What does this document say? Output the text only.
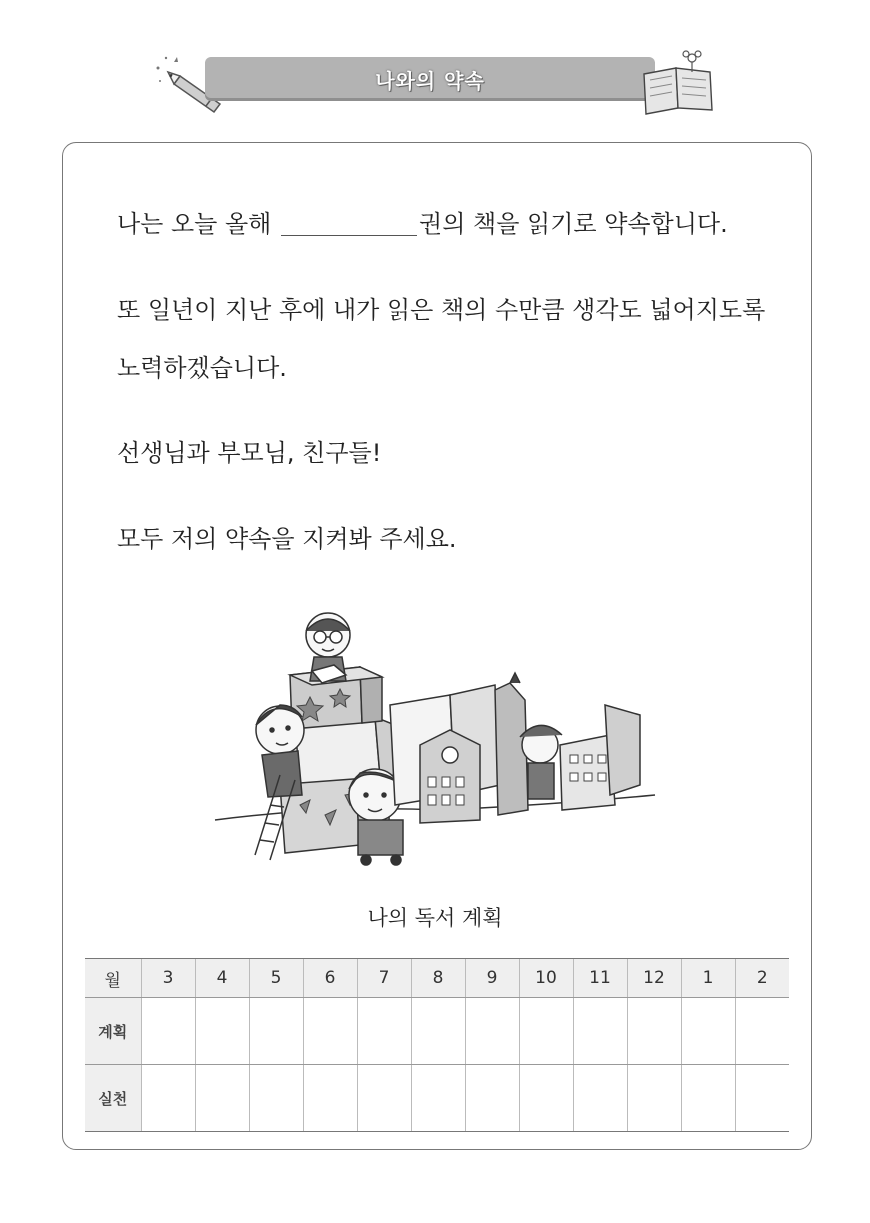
나와의 약속
나는 오늘 올해	권의 책을 읽기로 약속합니다.
또 일년이 지난 후에 내가 읽은 책의 수만큼 생각도 넓어지도록
노력하겠습니다.
선생님과 부모님, 친구들!
모두 저의 약속을 지켜봐 주세요.
나의 독서 계획
월	3	4	5	6	7	8	9	10	11	12	1	2
계획												
실천												
